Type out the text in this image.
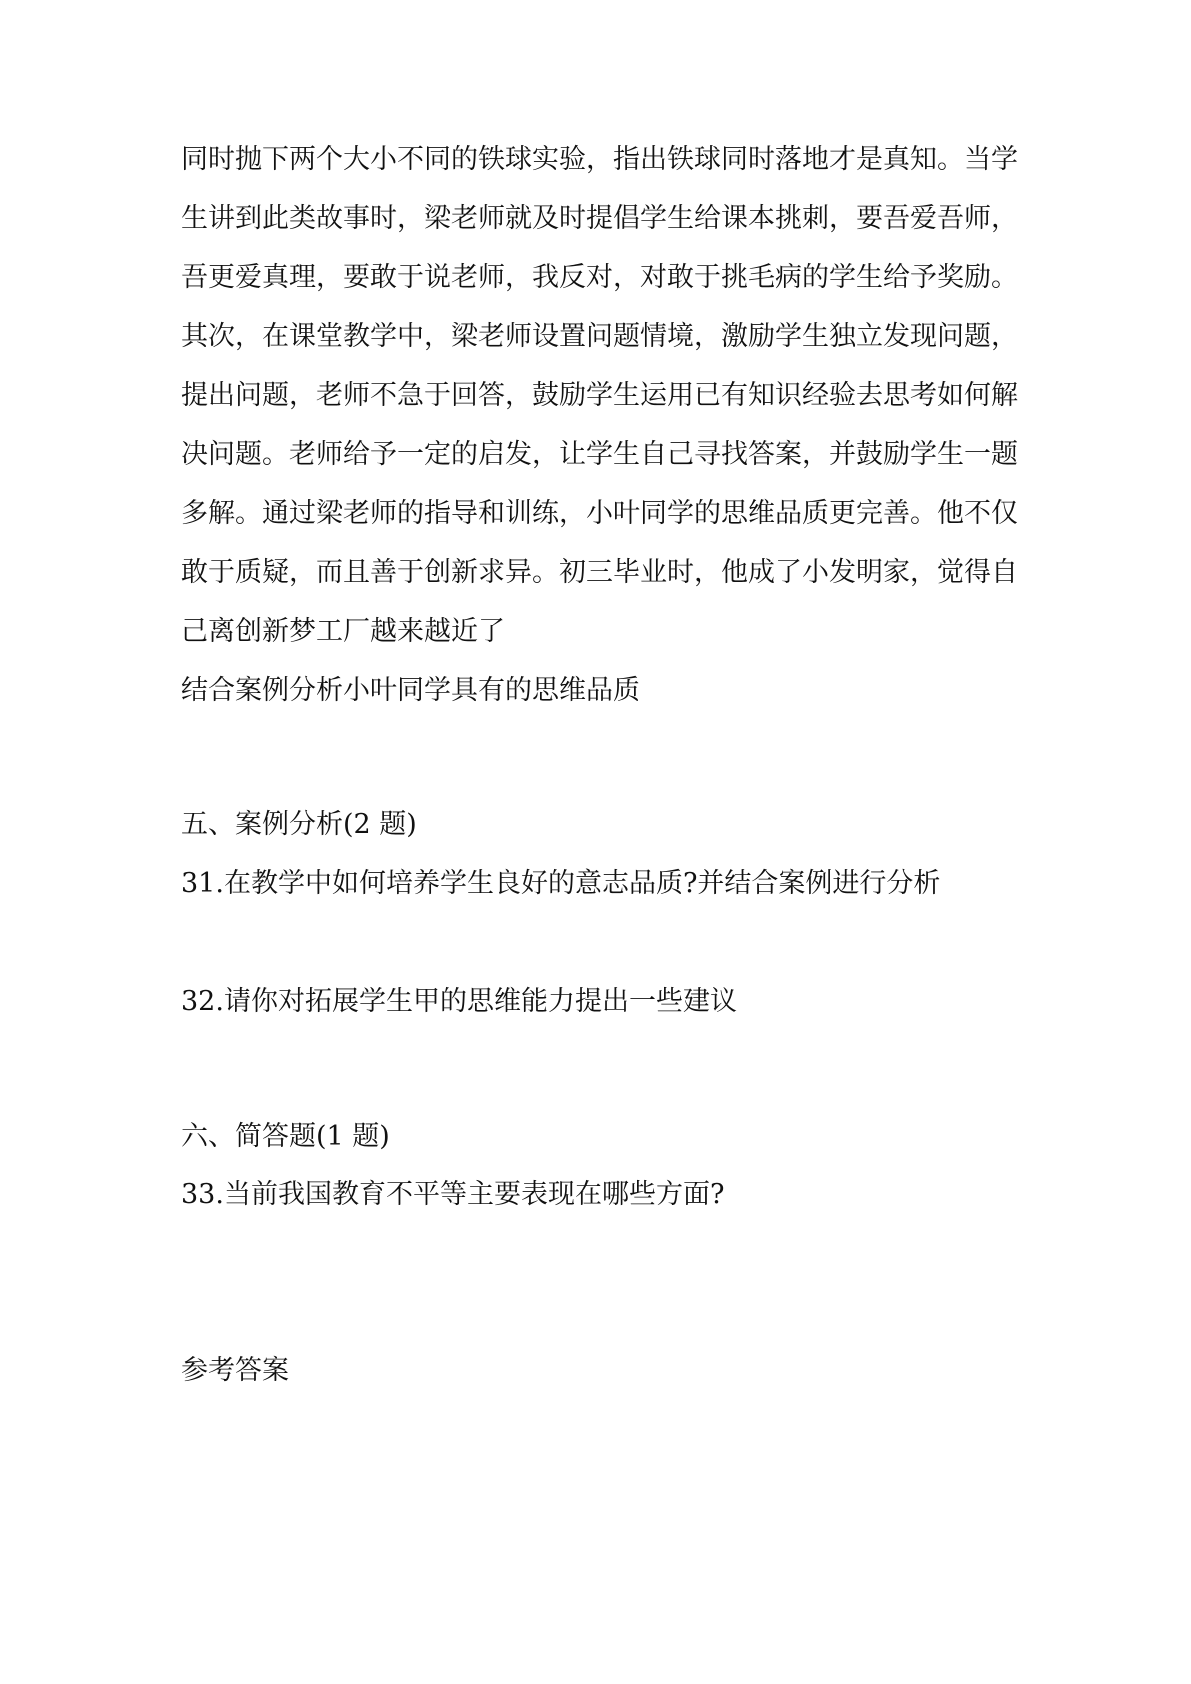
同时抛下两个大小不同的铁球实验，指出铁球同时落地才是真知。当学
生讲到此类故事时，梁老师就及时提倡学生给课本挑刺，要吾爱吾师，
吾更爱真理，要敢于说老师，我反对，对敢于挑毛病的学生给予奖励。
其次，在课堂教学中，梁老师设置问题情境，激励学生独立发现问题，
提出问题，老师不急于回答，鼓励学生运用已有知识经验去思考如何解
决问题。老师给予一定的启发，让学生自己寻找答案，并鼓励学生一题
多解。通过梁老师的指导和训练，小叶同学的思维品质更完善。他不仅
敢于质疑，而且善于创新求异。初三毕业时，他成了小发明家，觉得自
己离创新梦工厂越来越近了
结合案例分析小叶同学具有的思维品质
五、案例分析(2 题)
31.在教学中如何培养学生良好的意志品质?并结合案例进行分析
32.请你对拓展学生甲的思维能力提出一些建议
六、简答题(1 题)
33.当前我国教育不平等主要表现在哪些方面?
参考答案
